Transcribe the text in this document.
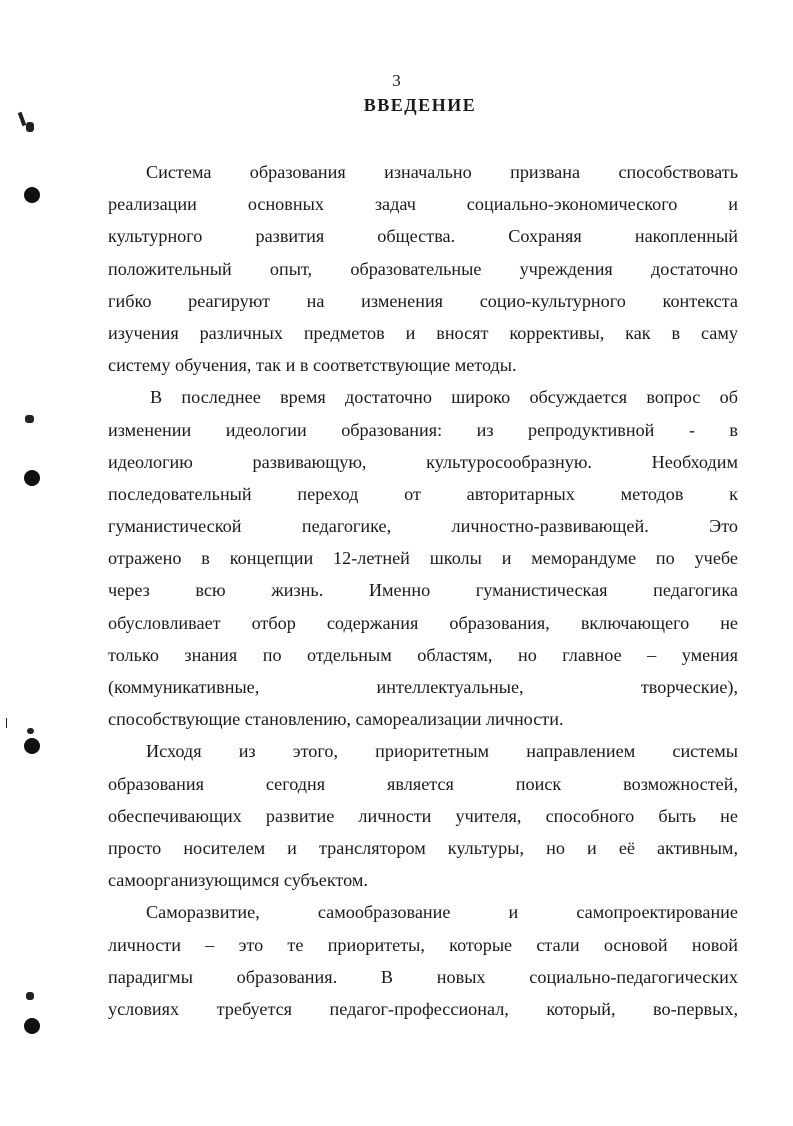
3
ВВЕДЕНИЕ
Система образования изначально призвана способствовать
реализации основных задач социально-экономического и
культурного развития общества. Сохраняя накопленный
положительный опыт, образовательные учреждения достаточно
гибко реагируют на изменения социо-культурного контекста
изучения различных предметов и вносят коррективы, как в саму
систему обучения, так и в соответствующие методы.
В последнее время достаточно широко обсуждается вопрос об
изменении идеологии образования: из репродуктивной - в
идеологию развивающую, культуросообразную. Необходим
последовательный переход от авторитарных методов к
гуманистической педагогике, личностно-развивающей. Это
отражено в концепции 12-летней школы и меморандуме по учебе
через всю жизнь. Именно гуманистическая педагогика
обусловливает отбор содержания образования, включающего не
только знания по отдельным областям, но главное – умения
(коммуникативные, интеллектуальные, творческие),
способствующие становлению, самореализации личности.
Исходя из этого, приоритетным направлением системы
образования сегодня является поиск возможностей,
обеспечивающих развитие личности учителя, способного быть не
просто носителем и транслятором культуры, но и её активным,
самоорганизующимся субъектом.
Саморазвитие, самообразование и самопроектирование
личности – это те приоритеты, которые стали основой новой
парадигмы образования. В новых социально-педагогических
условиях требуется педагог-профессионал, который, во-первых,
